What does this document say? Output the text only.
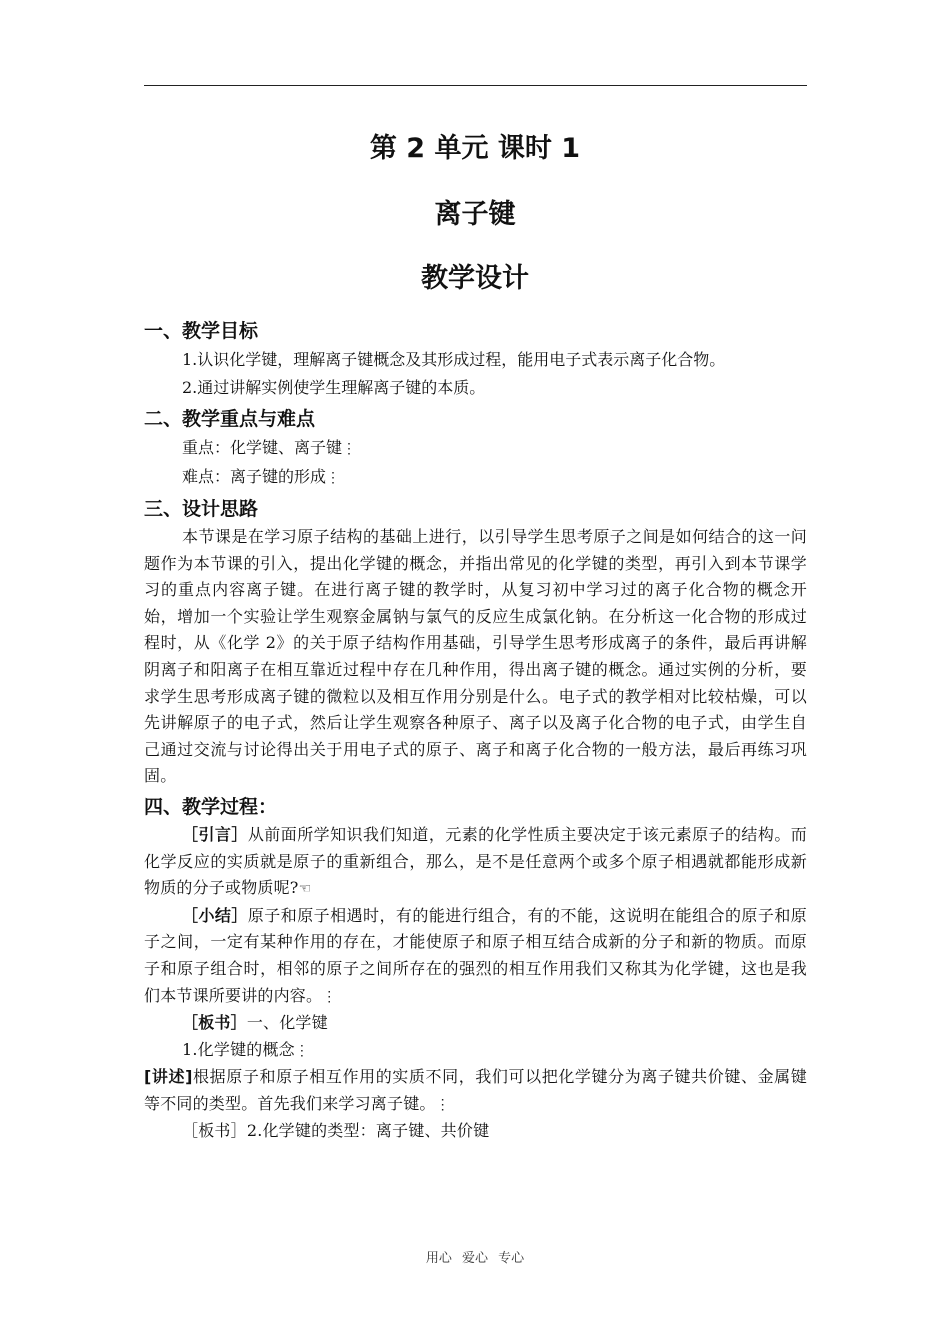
第 2 单元 课时 1
离子键
教学设计
一、教学目标
1.认识化学键，理解离子键概念及其形成过程，能用电子式表示离子化合物。
2.通过讲解实例使学生理解离子键的本质。
二、教学重点与难点
重点：化学键、离子键⋮
难点：离子键的形成⋮
三、设计思路

本节课是在学习原子结构的基础上进行，以引导学生思考原子之间是如何结合的这一问题作为本节课的引入，提出化学键的概念，并指出常见的化学键的类型，再引入到本节课学习的重点内容离子键。在进行离子键的教学时，从复习初中学习过的离子化合物的概念开始，增加一个实验让学生观察金属钠与氯气的反应生成氯化钠。在分析这一化合物的形成过程时，从《化学 2》的关于原子结构作用基础，引导学生思考形成离子的条件，最后再讲解阴离子和阳离子在相互靠近过程中存在几种作用，得出离子键的概念。通过实例的分析，要求学生思考形成离子键的微粒以及相互作用分别是什么。电子式的教学相对比较枯燥，可以先讲解原子的电子式，然后让学生观察各种原子、离子以及离子化合物的电子式，由学生自己通过交流与讨论得出关于用电子式的原子、离子和离子化合物的一般方法，最后再练习巩固。

四、教学过程：

［引言］从前面所学知识我们知道，元素的化学性质主要决定于该元素原子的结构。而化学反应的实质就是原子的重新组合，那么，是不是任意两个或多个原子相遇就都能形成新物质的分子或物质呢?☜

［小结］原子和原子相遇时，有的能进行组合，有的不能，这说明在能组合的原子和原子之间，一定有某种作用的存在，才能使原子和原子相互结合成新的分子和新的物质。而原子和原子组合时，相邻的原子之间所存在的强烈的相互作用我们又称其为化学键，这也是我们本节课所要讲的内容。⋮

［板书］一、化学键

1.化学键的概念⋮

[讲述]根据原子和原子相互作用的实质不同，我们可以把化学键分为离子键共价键、金属键等不同的类型。首先我们来学习离子键。⋮

［板书］2.化学键的类型：离子键、共价键

用心 爱心 专心
